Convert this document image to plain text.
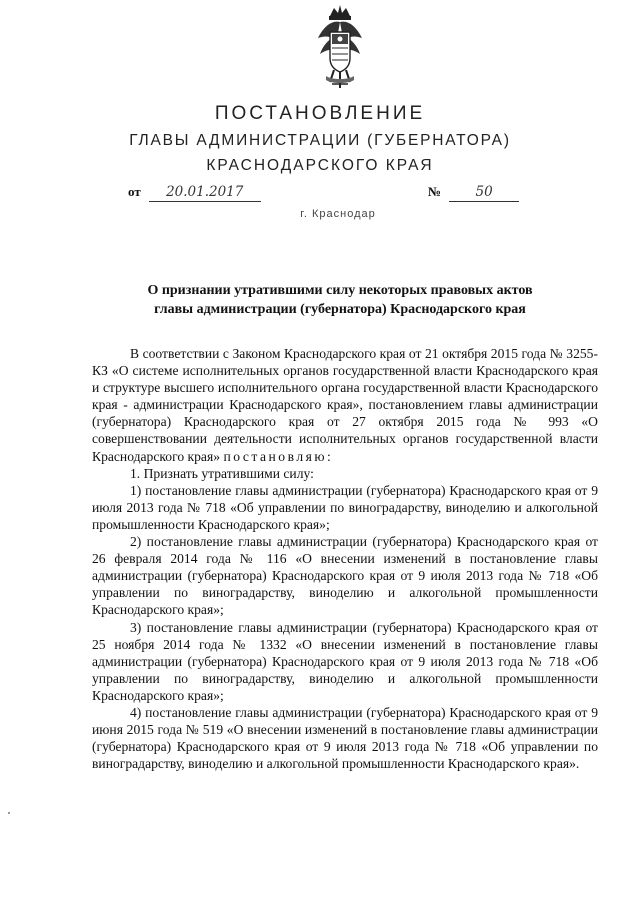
ПОСТАНОВЛЕНИЕ
ГЛАВЫ АДМИНИСТРАЦИИ (ГУБЕРНАТОРА)
КРАСНОДАРСКОГО КРАЯ
от 20.01.2017	№	50
г. Краснодар
О признании утратившими силу некоторых правовых актов
главы администрации (губернатора) Краснодарского края

В соответствии с Законом Краснодарского края от 21 октября 2015 года № 3255-КЗ «О системе исполнительных органов государственной власти Краснодарского края и структуре высшего исполнительного органа государственной власти Краснодарского края - администрации Краснодарского края», постановлением главы администрации (губернатора) Краснодарского края от 27 октября 2015 года № 993 «О совершенствовании деятельности исполнительных органов государственной власти Краснодарского края» постановляю:

1. Признать утратившими силу:

1) постановление главы администрации (губернатора) Краснодарского края от 9 июля 2013 года № 718 «Об управлении по виноградарству, виноделию и алкогольной промышленности Краснодарского края»;

2) постановление главы администрации (губернатора) Краснодарского края от 26 февраля 2014 года № 116 «О внесении изменений в постановление главы администрации (губернатора) Краснодарского края от 9 июля 2013 года № 718 «Об управлении по виноградарству, виноделию и алкогольной промышленности Краснодарского края»;

3) постановление главы администрации (губернатора) Краснодарского края от 25 ноября 2014 года № 1332 «О внесении изменений в постановление главы администрации (губернатора) Краснодарского края от 9 июля 2013 года № 718 «Об управлении по виноградарству, виноделию и алкогольной промышленности Краснодарского края»;

4) постановление главы администрации (губернатора) Краснодарского края от 9 июня 2015 года № 519 «О внесении изменений в постановление главы администрации (губернатора) Краснодарского края от 9 июля 2013 года № 718 «Об управлении по виноградарству, виноделию и алкогольной промышленности Краснодарского края».
